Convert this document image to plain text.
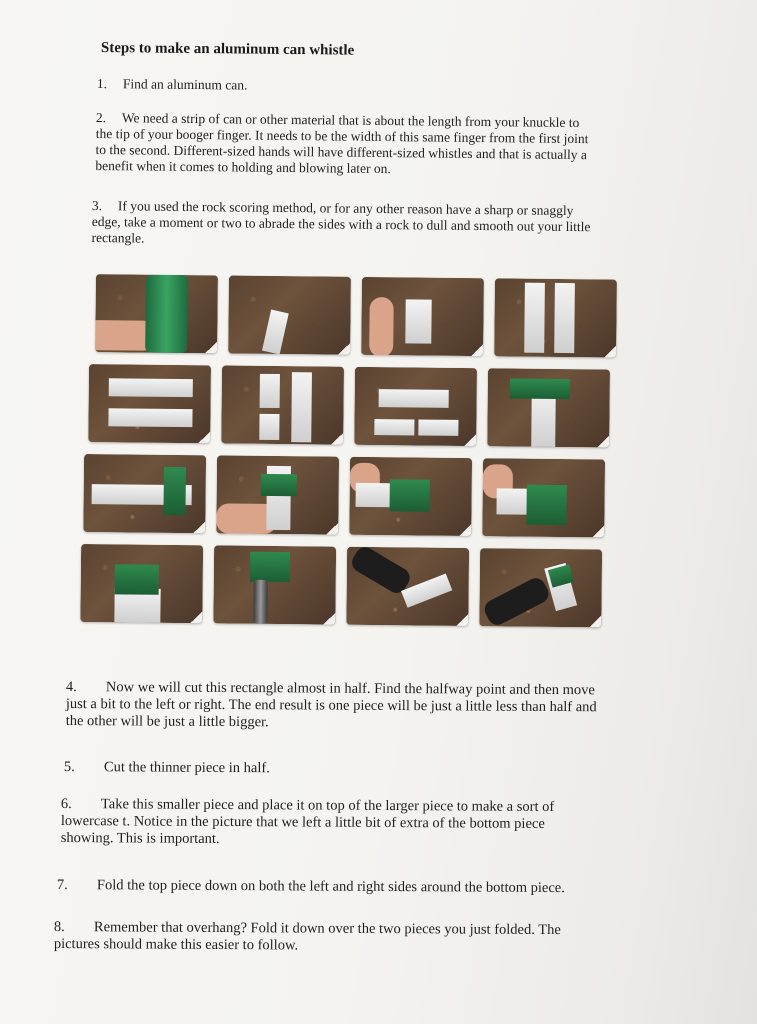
Steps to make an aluminum can whistle
1. Find an aluminum can.
2. We need a strip of can or other material that is about the length from your knuckle to
the tip of your booger finger. It needs to be the width of this same finger from the first joint
to the second. Different-sized hands will have different-sized whistles and that is actually a
benefit when it comes to holding and blowing later on.
3. If you used the rock scoring method, or for any other reason have a sharp or snaggly
edge, take a moment or two to abrade the sides with a rock to dull and smooth out your little
rectangle.
4. Now we will cut this rectangle almost in half. Find the halfway point and then move
just a bit to the left or right. The end result is one piece will be just a little less than half and
the other will be just a little bigger.
5. Cut the thinner piece in half.
6. Take this smaller piece and place it on top of the larger piece to make a sort of
lowercase t. Notice in the picture that we left a little bit of extra of the bottom piece
showing. This is important.
7. Fold the top piece down on both the left and right sides around the bottom piece.
8. Remember that overhang? Fold it down over the two pieces you just folded. The
pictures should make this easier to follow.
